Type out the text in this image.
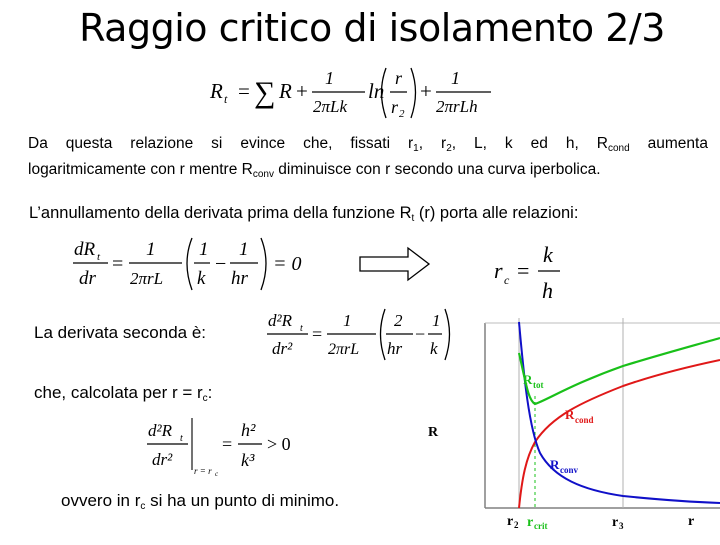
Raggio critico di isolamento 2/3
R t = ∑ R +
1
2πLk
ln
r
r 2
+
1
2πrLh
Da questa relazione si evince che, fissati $r_1$, $r_2$, L, k ed h, $R_{cond}$ aumenta
logaritmicamente con r mentre $R_{conv}$ diminuisce con r secondo una curva iperbolica.
L’annullamento della derivata prima della funzione $R_t$ (r) porta alle relazioni:
dR t
dr
=
1
2πrL
1
k
−
1
hr
= 0	r c =
k
h
La derivata seconda è:
d²R t
dr²
=
1
2πrL
2
hr
−
1
k
che, calcolata per $r = r_c$:
d²R t
dr²
r = r c
=
h²
k³
> 0
ovvero in $r_c$ si ha un punto di minimo.
R
R tot
R cond
R conv
r 2 r crit	r 3	r
